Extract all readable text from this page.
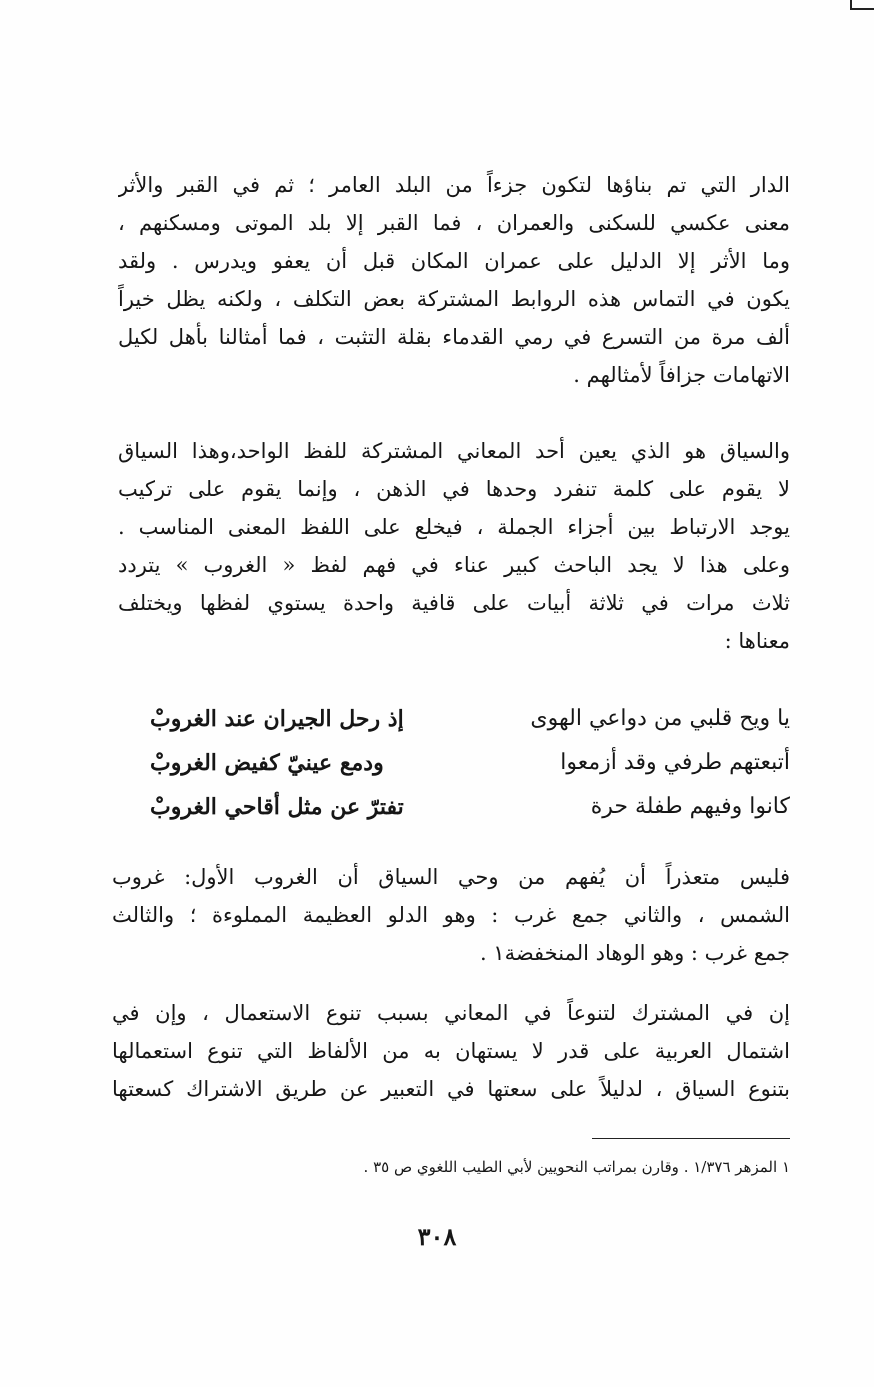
الدار التي تم بناؤها لتكون جزءاً من البلد العامر ؛ ثم في القبر والأثر
معنى عكسي للسكنى والعمران ، فما القبر إلا بلد الموتى ومسكنهم ،
وما الأثر إلا الدليل على عمران المكان قبل أن يعفو ويدرس . ولقد
يكون في التماس هذه الروابط المشتركة بعض التكلف ، ولكنه يظل خيراً
ألف مرة من التسرع في رمي القدماء بقلة التثبت ، فما أمثالنا بأهل لكيل
الاتهامات جزافاً لأمثالهم .
والسياق هو الذي يعين أحد المعاني المشتركة للفظ الواحد،وهذا السياق
لا يقوم على كلمة تنفرد وحدها في الذهن ، وإنما يقوم على تركيب
يوجد الارتباط بين أجزاء الجملة ، فيخلع على اللفظ المعنى المناسب .
وعلى هذا لا يجد الباحث كبير عناء في فهم لفظ « الغروب » يتردد
ثلاث مرات في ثلاثة أبيات على قافية واحدة يستوي لفظها ويختلف
معناها :
يا ويح قلبي من دواعي الهوى
إذ رحل الجيران عند الغروبْ
أتبعتهم طرفي وقد أزمعوا
ودمع عينيّ كفيض الغروبْ
كانوا وفيهم طفلة حرة
تفترّ عن مثل أقاحي الغروبْ
فليس متعذراً أن يُفهم من وحي السياق أن الغروب الأول: غروب
الشمس ، والثاني جمع غرب : وهو الدلو العظيمة المملوءة ؛ والثالث
جمع غرب : وهو الوهاد المنخفضة١ .
إن في المشترك لتنوعاً في المعاني بسبب تنوع الاستعمال ، وإن في
اشتمال العربية على قدر لا يستهان به من الألفاظ التي تنوع استعمالها
بتنوع السياق ، لدليلاً على سعتها في التعبير عن طريق الاشتراك كسعتها
١ المزهر ١/٣٧٦ . وقارن بمراتب النحويين لأبي الطيب اللغوي ص ٣٥ .
٣٠٨
